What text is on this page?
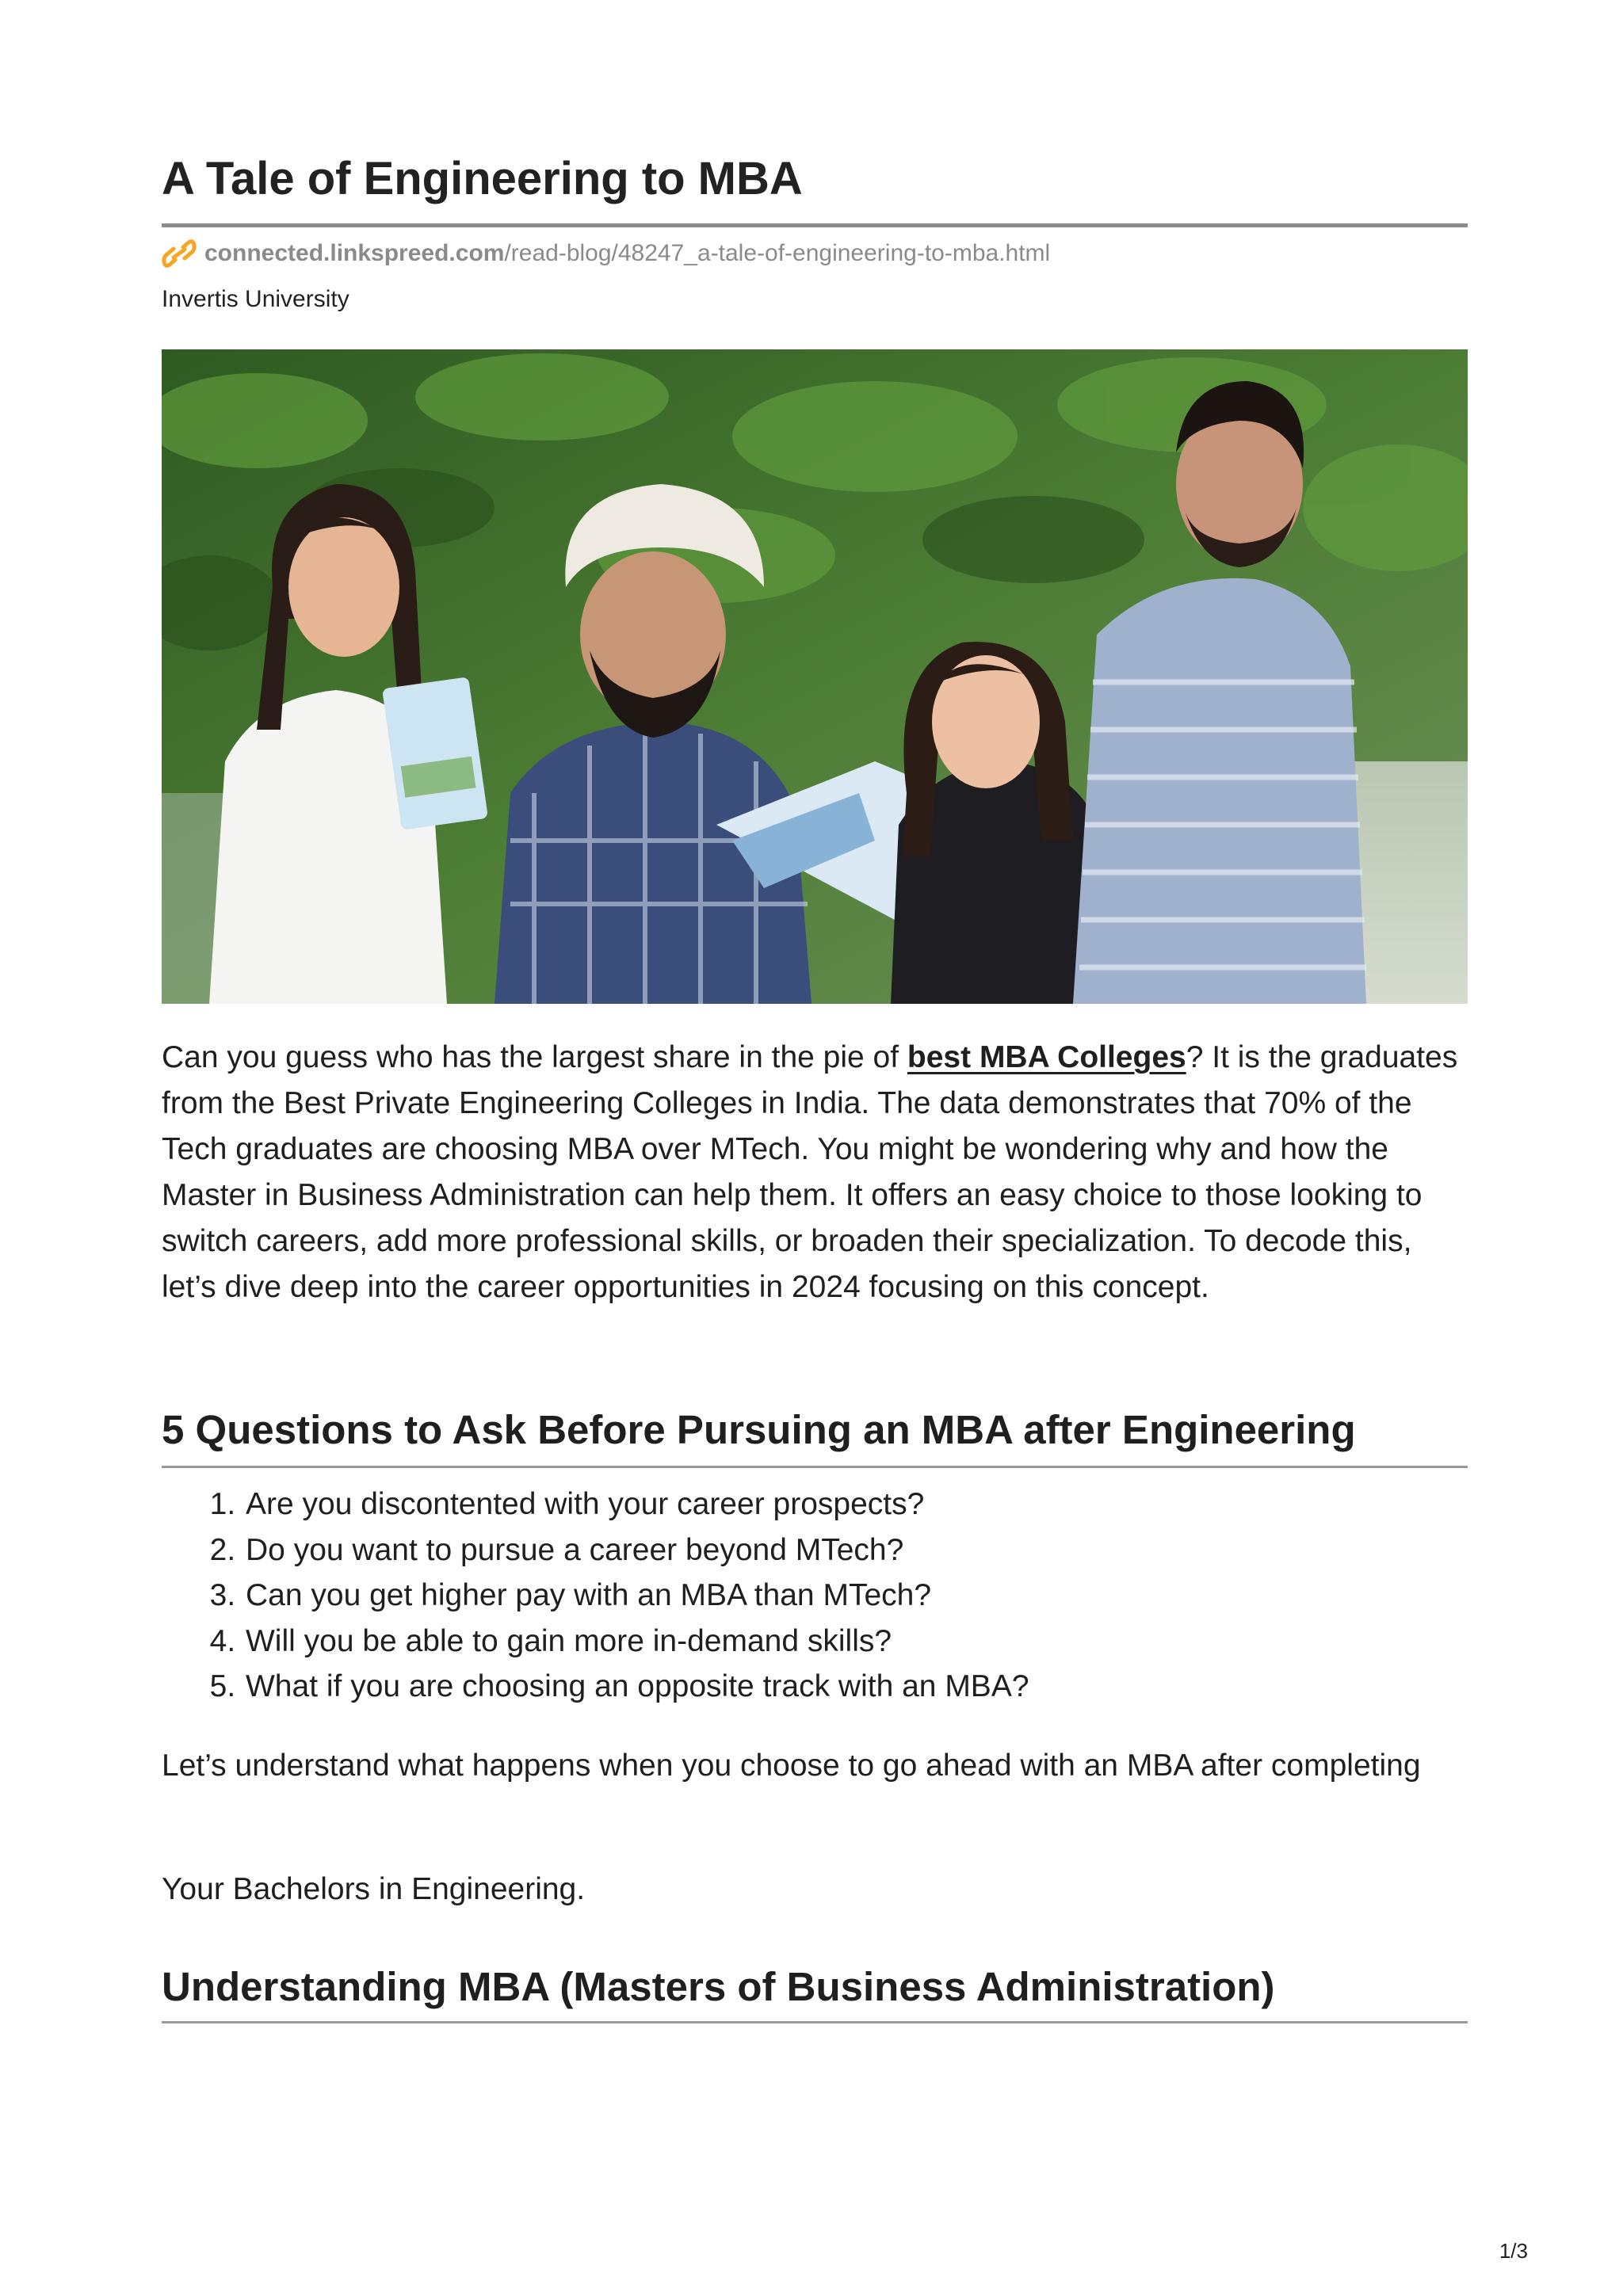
A Tale of Engineering to MBA
connected.linkspreed.com /read-blog/48247_a-tale-of-engineering-to-mba.html
Invertis University

Can you guess who has the largest share in the pie of best MBA Colleges? It is the graduates from the Best Private Engineering Colleges in India. The data demonstrates that 70% of the Tech graduates are choosing MBA over MTech. You might be wondering why and how the Master in Business Administration can help them. It offers an easy choice to those looking to switch careers, add more professional skills, or broaden their specialization. To decode this, let’s dive deep into the career opportunities in 2024 focusing on this concept.

5 Questions to Ask Before Pursuing an MBA after Engineering
1. Are you discontented with your career prospects?
2. Do you want to pursue a career beyond MTech?
3. Can you get higher pay with an MBA than MTech?
4. Will you be able to gain more in-demand skills?
5. What if you are choosing an opposite track with an MBA?

Let’s understand what happens when you choose to go ahead with an MBA after completing

Your Bachelors in Engineering.

Understanding MBA (Masters of Business Administration)
1/3
